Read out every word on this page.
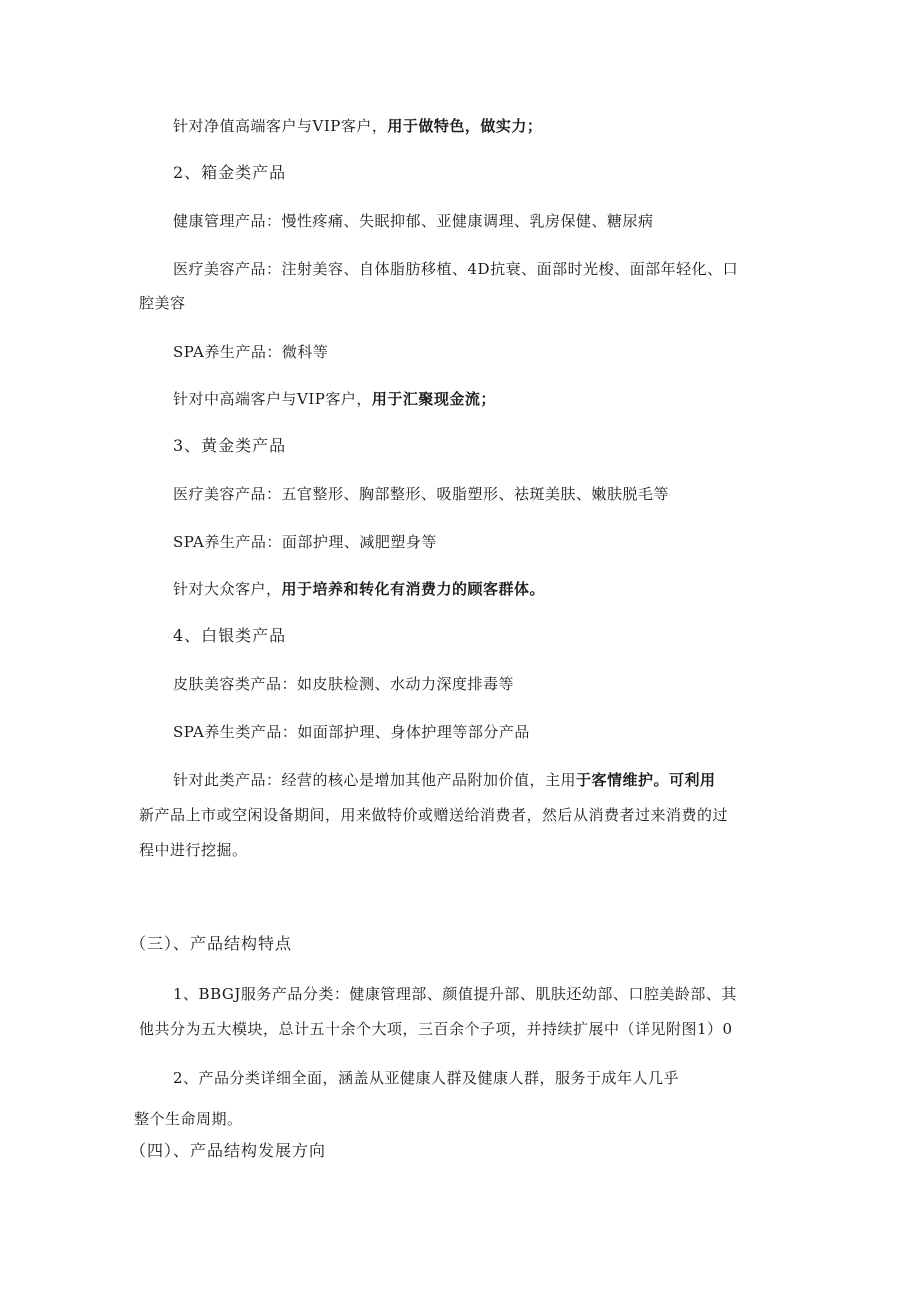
针对净值高端客户与VIP客户，用于做特色，做实力；

2、箱金类产品

健康管理产品：慢性疼痛、失眠抑郁、亚健康调理、乳房保健、糖尿病

医疗美容产品：注射美容、自体脂肪移植、4D抗衰、面部时光梭、面部年轻化、口

腔美容

SPA养生产品：微科等

针对中高端客户与VIP客户，用于汇聚现金流；

3、黄金类产品

医疗美容产品：五官整形、胸部整形、吸脂塑形、祛斑美肤、嫩肤脱毛等

SPA养生产品：面部护理、减肥塑身等

针对大众客户，用于培养和转化有消费力的顾客群体。

4、白银类产品

皮肤美容类产品：如皮肤检测、水动力深度排毒等

SPA养生类产品：如面部护理、身体护理等部分产品

针对此类产品：经营的核心是增加其他产品附加价值，主用于客情维护。可利用

新产品上市或空闲设备期间，用来做特价或赠送给消费者，然后从消费者过来消费的过

程中进行挖掘。

（三）、产品结构特点

1、BBGJ服务产品分类：健康管理部、颜值提升部、肌肤还幼部、口腔美龄部、其

他共分为五大模块，总计五十余个大项，三百余个子项，并持续扩展中（详见附图1）0

2、产品分类详细全面，涵盖从亚健康人群及健康人群，服务于成年人几乎

整个生命周期。

（四）、产品结构发展方向
